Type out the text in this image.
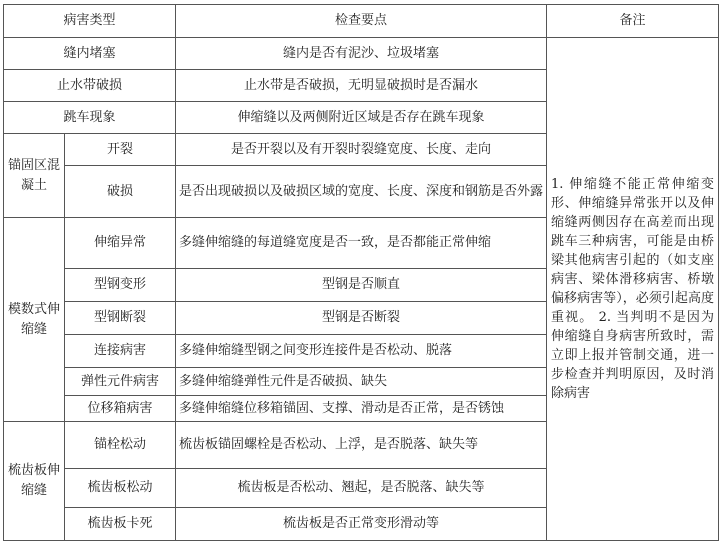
病害类型		检查要点	备注
缝内堵塞		缝内是否有泥沙、垃圾堵塞	1. 伸缩缝不能正常伸缩变形、伸缩缝异常张开以及伸缩缝两侧因存在高差而出现跳车三种病害，可能是由桥梁其他病害引起的（如支座病害、梁体滑移病害、桥墩偏移病害等），必须引起高度重视。 2. 当判明不是因为伸缩缝自身病害所致时，需立即上报并管制交通，进一步检查并判明原因，及时消除病害
止水带破损		止水带是否破损，无明显破损时是否漏水	
跳车现象		伸缩缝以及两侧附近区域是否存在跳车现象	
锚固区混凝土	开裂	是否开裂以及有开裂时裂缝宽度、长度、走向	
	破损	是否出现破损以及破损区域的宽度、长度、深度和钢筋是否外露	
模数式伸缩缝	伸缩异常	多缝伸缩缝的每道缝宽度是否一致，是否都能正常伸缩	
	型钢变形	型钢是否顺直	
	型钢断裂	型钢是否断裂	
	连接病害	多缝伸缩缝型钢之间变形连接件是否松动、脱落	
	弹性元件病害	多缝伸缩缝弹性元件是否破损、缺失	
	位移箱病害	多缝伸缩缝位移箱锚固、支撑、滑动是否正常，是否锈蚀	
梳齿板伸缩缝	锚栓松动	梳齿板锚固螺栓是否松动、上浮，是否脱落、缺失等	
	梳齿板松动	梳齿板是否松动、翘起，是否脱落、缺失等	
	梳齿板卡死	梳齿板是否正常变形滑动等	
